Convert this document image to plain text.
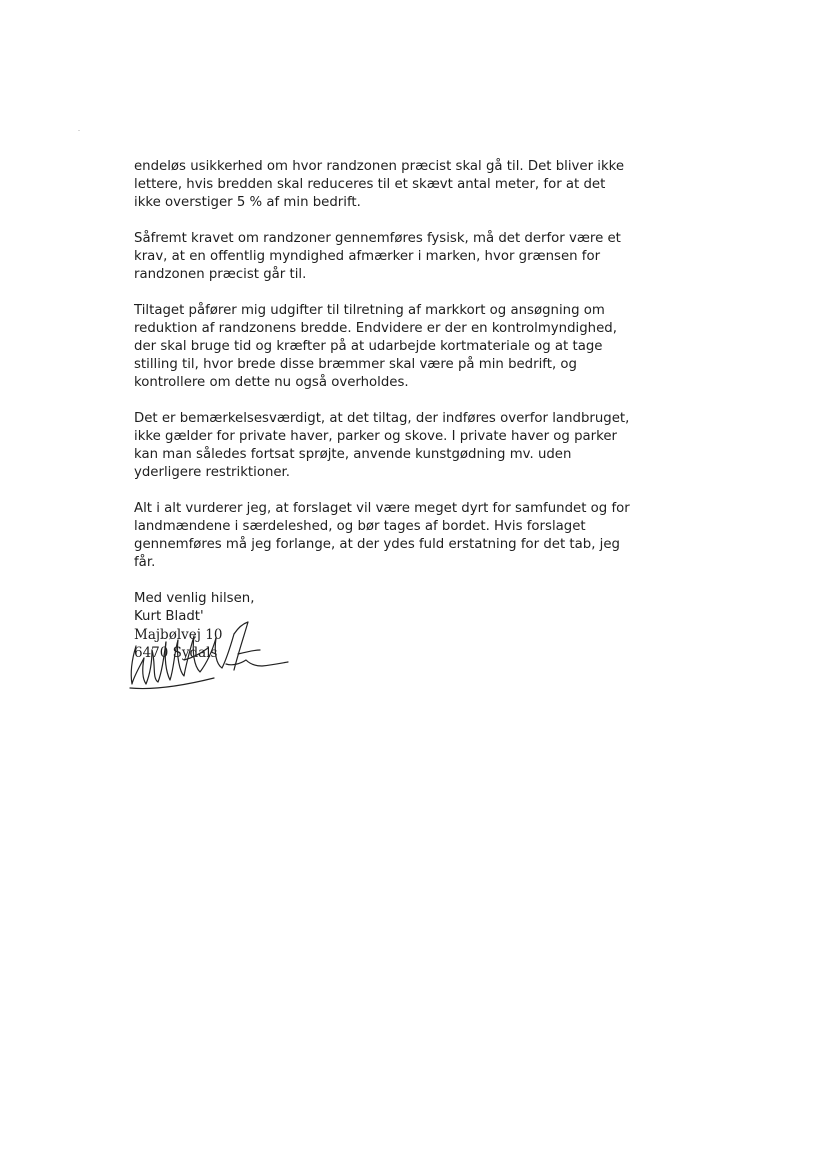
endeløs usikkerhed om hvor randzonen præcist skal gå til. Det bliver ikke
lettere, hvis bredden skal reduceres til et skævt antal meter, for at det
ikke overstiger 5 % af min bedrift.

Såfremt kravet om randzoner gennemføres fysisk, må det derfor være et
krav, at en offentlig myndighed afmærker i marken, hvor grænsen for
randzonen præcist går til.

Tiltaget påfører mig udgifter til tilretning af markkort og ansøgning om
reduktion af randzonens bredde. Endvidere er der en kontrolmyndighed,
der skal bruge tid og kræfter på at udarbejde kortmateriale og at tage
stilling til, hvor brede disse bræmmer skal være på min bedrift, og
kontrollere om dette nu også overholdes.

Det er bemærkelsesværdigt, at det tiltag, der indføres overfor landbruget,
ikke gælder for private haver, parker og skove. I private haver og parker
kan man således fortsat sprøjte, anvende kunstgødning mv. uden
yderligere restriktioner.

Alt i alt vurderer jeg, at forslaget vil være meget dyrt for samfundet og for
landmændene i særdeleshed, og bør tages af bordet. Hvis forslaget
gennemføres må jeg forlange, at der ydes fuld erstatning for det tab, jeg
får.

Med venlig hilsen,
Kurt Bladt'
Majbølvej 10
6470 Sydals
